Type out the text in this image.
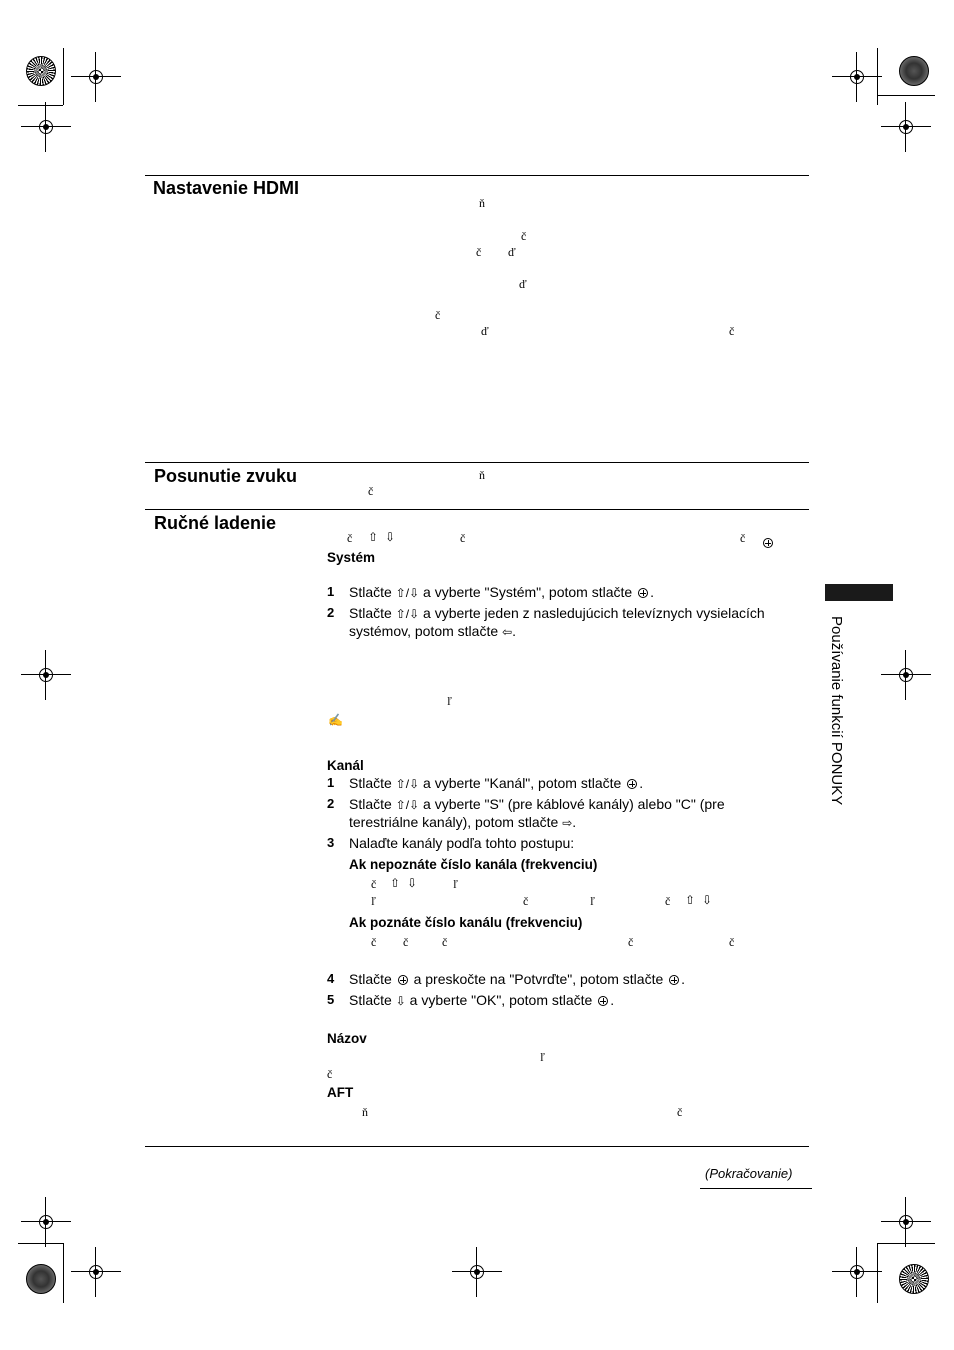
Nastavenie HDMI
ň
č
č ď
ď
č
ď	č
Posunutie zvuku	ň
č
Ručné ladenie
č ⇧ ⇩	č	č
Systém
1 Stlačte ⇧/⇩ a vyberte "Systém", potom stlačte .
2 Stlačte ⇧/⇩ a vyberte jeden z nasledujúcich televíznych vysielacích
systémov, potom stlačte ⇦.
ľ
✍
Kanál
1 Stlačte ⇧/⇩ a vyberte "Kanál", potom stlačte .
2 Stlačte ⇧/⇩ a vyberte "S" (pre káblové kanály) alebo "C" (pre
terestriálne kanály), potom stlačte ⇨.
3 Nalaďte kanály podľa tohto postupu:
Ak nepoznáte číslo kanála (frekvenciu)
č ⇧ ⇩	ľ
ľ	č	ľ	č ⇧ ⇩
Ak poznáte číslo kanálu (frekvenciu)
č č	č	č	č
4 Stlačte  a preskočte na "Potvrďte", potom stlačte .
5 Stlačte ⇩ a vyberte "OK", potom stlačte .
Názov
ľ
č
AFT
ň	č
Používanie funkcií PONUKY
(Pokračovanie)
